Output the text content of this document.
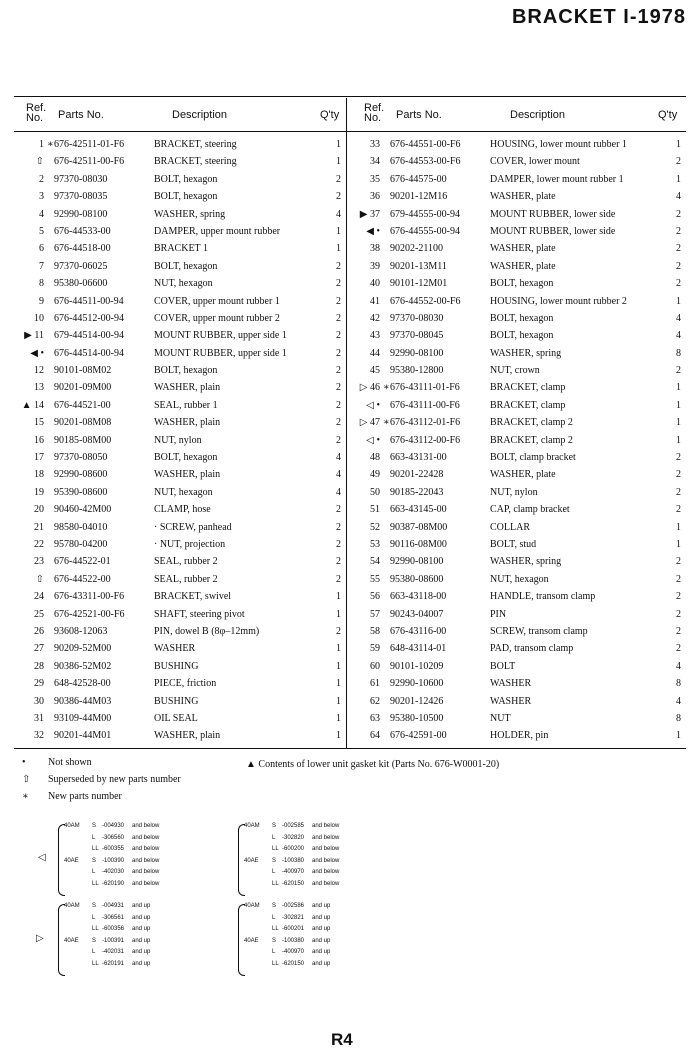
BRACKET I-1978
Ref.
No. Parts No.	Description	Q'ty
Ref.
No. Parts No.	Description	Q'ty
1 ∗ 676-42511-01-F6	BRACKET, steering	1
⇧ 676-42511-00-F6	BRACKET, steering	1
2 97370-08030	BOLT, hexagon	2
3 97370-08035	BOLT, hexagon	2
4 92990-08100	WASHER, spring	4
5 676-44533-00	DAMPER, upper mount rubber	1
6 676-44518-00	BRACKET 1	1
7 97370-06025	BOLT, hexagon	2
8 95380-06600	NUT, hexagon	2
9 676-44511-00-94	COVER, upper mount rubber 1	2
10 676-44512-00-94	COVER, upper mount rubber 2	2
▶ 11 679-44514-00-94	MOUNT RUBBER, upper side 1	2
◀ • 676-44514-00-94	MOUNT RUBBER, upper side 1	2
12 90101-08M02	BOLT, hexagon	2
13 90201-09M00	WASHER, plain	2
▲ 14 676-44521-00	SEAL, rubber 1	2
15 90201-08M08	WASHER, plain	2
16 90185-08M00	NUT, nylon	2
17 97370-08050	BOLT, hexagon	4
18 92990-08600	WASHER, plain	4
19 95390-08600	NUT, hexagon	4
20 90460-42M00	CLAMP, hose	2
21 98580-04010	· SCREW, panhead	2
22 95780-04200	· NUT, projection	2
23 676-44522-01	SEAL, rubber 2	2
⇧ 676-44522-00	SEAL, rubber 2	2
24 676-43311-00-F6	BRACKET, swivel	1
25 676-42521-00-F6	SHAFT, steering pivot	1
26 93608-12063	PIN, dowel B (8φ–12mm)	2
27 90209-52M00	WASHER	1
28 90386-52M02	BUSHING	1
29 648-42528-00	PIECE, friction	1
30 90386-44M03	BUSHING	1
31 93109-44M00	OIL SEAL	1
32 90201-44M01	WASHER, plain	1
33 676-44551-00-F6	HOUSING, lower mount rubber 1	1
34 676-44553-00-F6	COVER, lower mount	2
35 676-44575-00	DAMPER, lower mount rubber 1	1
36 90201-12M16	WASHER, plate	4
▶ 37 679-44555-00-94	MOUNT RUBBER, lower side	2
◀ • 676-44555-00-94	MOUNT RUBBER, lower side	2
38 90202-21100	WASHER, plate	2
39 90201-13M11	WASHER, plate	2
40 90101-12M01	BOLT, hexagon	2
41 676-44552-00-F6	HOUSING, lower mount rubber 2	1
42 97370-08030	BOLT, hexagon	4
43 97370-08045	BOLT, hexagon	4
44 92990-08100	WASHER, spring	8
45 95380-12800	NUT, crown	2
▷ 46 ∗ 676-43111-01-F6	BRACKET, clamp	1
◁ • 676-43111-00-F6	BRACKET, clamp	1
▷ 47 ∗ 676-43112-01-F6	BRACKET, clamp 2	1
◁ • 676-43112-00-F6	BRACKET, clamp 2	1
48 663-43131-00	BOLT, clamp bracket	2
49 90201-22428	WASHER, plate	2
50 90185-22043	NUT, nylon	2
51 663-43145-00	CAP, clamp bracket	2
52 90387-08M00	COLLAR	1
53 90116-08M00	BOLT, stud	1
54 92990-08100	WASHER, spring	2
55 95380-08600	NUT, hexagon	2
56 663-43118-00	HANDLE, transom clamp	2
57 90243-04007	PIN	2
58 676-43116-00	SCREW, transom clamp	2
59 648-43114-01	PAD, transom clamp	2
60 90101-10209	BOLT	4
61 92990-10600	WASHER	8
62 90201-12426	WASHER	4
63 95380-10500	NUT	8
64 676-42591-00	HOLDER, pin	1
• Not shown
⇧ Superseded by new parts number
∗ New parts number
▲ Contents of lower unit gasket kit (Parts No. 676-W0001-20)
40AM S -004930 and below
L -306560 and below
LL -600355 and below
40AE S -100390 and below
L -402030 and below
LL -620190 and below
◁
40AM S -002585 and below
L -302820 and below
LL -600200 and below
40AE S -100380 and below
L -400970 and below
LL -620150 and below
40AM S -004931 and up
L -306561 and up
LL -600356 and up
40AE S -100391 and up
L -402031 and up
LL -620191 and up
▷
40AM S -002586 and up
L -302821 and up
LL -600201 and up
40AE S -100380 and up
L -400970 and up
LL -620150 and up
R4
